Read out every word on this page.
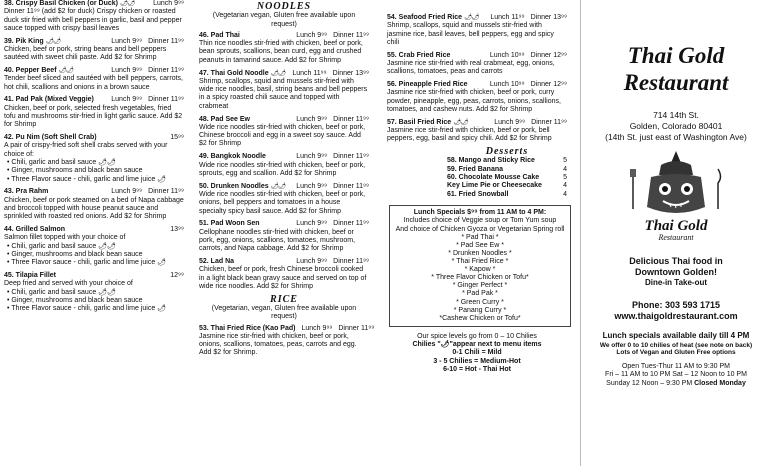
38. Crispy Basil Chicken (or Duck) 🌶🌶	Lunch 9⁹⁹
Dinner 11⁹⁹ (add $2 for duck) Crispy chicken or roasted duck stir fried with bell peppers in garlic, basil and pepper sauce topped with crispy basil leaves
39. Pik King 🌶🌶	Lunch 9⁹⁹ Dinner 11⁹⁹
Chicken, beef or pork, string beans and bell peppers sautéed with sweet chili paste. Add $2 for Shrimp
40. Pepper Beef 🌶🌶	Lunch 9⁹⁹ Dinner 11⁹⁹
Tender beef sliced and sautéed with bell peppers, carrots, hot chili, scallions and onions in a brown sauce
41. Pad Pak (Mixed Veggie)	Lunch 9⁹⁹ Dinner 11⁹⁹
Chicken, beef or pork, selected fresh vegetables, fried tofu and mushrooms stir-fried in light garlic sauce. Add $2 for Shrimp
42. Pu Nim (Soft Shell Crab)	15⁹⁹
A pair of crispy-fried soft shell crabs served with your choice of:
• Chili, garlic and basil sauce 🌶🌶
• Ginger, mushrooms and black bean sauce
• Three Flavor sauce - chili, garlic and lime juice 🌶
43. Pra Rahm	Lunch 9⁹⁹ Dinner 11⁹⁹
Chicken, beef or pork steamed on a bed of Napa cabbage and broccoli topped with house peanut sauce and sprinkled with roasted red onions. Add $2 for Shrimp
44. Grilled Salmon	13⁹⁹
Salmon fillet topped with your choice of
• Chili, garlic and basil sauce 🌶🌶
• Ginger, mushrooms and black bean sauce
• Three Flavor sauce - chili, garlic and lime juice 🌶
45. Tilapia Fillet	12⁹⁹
Deep fried and served with your choice of
• Chili, garlic and basil sauce 🌶🌶
• Ginger, mushrooms and black bean sauce
• Three Flavor sauce - chili, garlic and lime juice 🌶
NOODLES
(Vegetarian vegan, Gluten free available upon request)
46. Pad Thai	Lunch 9⁹⁹ Dinner 11⁹⁹
Thin rice noodles stir-fried with chicken, beef or pork, bean sprouts, scallions, bean curd, egg and crushed peanuts in tamarind sauce. Add $2 for Shrimp
47. Thai Gold Noodle 🌶🌶	Lunch 11⁹⁹ Dinner 13⁹⁹
Shrimp, scallops, squid and mussels stir-fried with wide rice noodles, basil, string beans and bell peppers in a spicy roasted chili sauce and topped with crabmeat
48. Pad See Ew	Lunch 9⁹⁹ Dinner 11⁹⁹
Wide rice noodles stir-fried with chicken, beef or pork, Chinese broccoli and egg in a sweet soy sauce. Add $2 for Shrimp
49. Bangkok Noodle	Lunch 9⁹⁹ Dinner 11⁹⁹
Wide rice noodles stir-fried with chicken, beef or pork, sprouts, egg and scallion. Add $2 for Shrimp
50. Drunken Noodles 🌶🌶	Lunch 9⁹⁹ Dinner 11⁹⁹
Wide rice noodles stir-fried with chicken, beef or pork, onions, bell peppers and tomatoes in a house specialty spicy basil sauce. Add $2 for Shrimp
51. Pad Woon Sen	Lunch 9⁹⁹ Dinner 11⁹⁹
Cellophane noodles stir-fried with chicken, beef or pork, egg, onions, scallions, tomatoes, mushroom, carrots, and Napa cabbage. Add $2 for Shrimp
52. Lad Na	Lunch 9⁹⁹ Dinner 11⁹⁹
Chicken, beef or pork, fresh Chinese broccoli cooked in a light black bean gravy sauce and served on top of wide rice noodles. Add $2 for Shrimp
RICE
(Vegetarian, vegan, Gluten free available upon request)
53. Thai Fried Rice (Kao Pad) Lunch 9⁹⁹ Dinner 11⁹⁹
Jasmine rice stir-fried with chicken, beef or pork, onions, scallions, tomatoes, peas, carrots and egg. Add $2 for Shrimp.
54. Seafood Fried Rice 🌶🌶	Lunch 11⁹⁹ Dinner 13⁹⁹
Shrimp, scallops, squid and mussels stir-fried with jasmine rice, basil leaves, bell peppers, egg and spicy chili
55. Crab Fried Rice	Lunch 10⁹⁹ Dinner 12⁹⁹
Jasmine rice stir-fried with real crabmeat, egg, onions, scallions, tomatoes, peas and carrots
56. Pineapple Fried Rice	Lunch 10⁹⁹ Dinner 12⁹⁹
Jasmine rice stir-fried with chicken, beef or pork, curry powder, pineapple, egg, peas, carrots, onions, scallions, tomatoes, and cashew nuts. Add $2 for Shrimp
57. Basil Fried Rice 🌶🌶	Lunch 9⁹⁹ Dinner 11⁹⁹
Jasmine rice stir-fried with chicken, beef or pork, bell peppers, egg, basil and spicy chili. Add $2 for Shrimp
Desserts
58. Mango and Sticky Rice	5
59. Fried Banana	4
60. Chocolate Mousse Cake	5
Key Lime Pie or Cheesecake	4
61. Fried Snowball	4
Lunch Specials $⁹⁹ from 11 AM to 4 PM:
Includes choice of Veggie soup or Tom Yum soup
And choice of Chicken Gyoza or Vegetarian Spring roll
* Pad Thai *
* Pad See Ew *
* Drunken Noodles *
* Thai Fried Rice *
* Kapow *
* Three Flavor Chicken or Tofu*
* Ginger Perfect *
* Pad Pak *
* Green Curry *
* Panang Curry *
*Cashew Chicken or Tofu*
Our spice levels go from 0 – 10 Chilies
Chilies "🌶"appear next to menu items
0-1 Chili = Mild
3 - 5 Chilies = Medium-Hot
6-10 = Hot - Thai Hot
Thai Gold
Restaurant
714 14th St.
Golden, Colorado 80401
(14th St. just east of Washington Ave)
Thai Gold
Restaurant
Delicious Thai food in
Downtown Golden!
Dine-in Take-out
Phone: 303 593 1715
www.thaigoldrestaurant.com
Lunch specials available daily till 4 PM
We offer 0 to 10 chilies of heat (see note on back)
Lots of Vegan and Gluten Free options
Open Tues-Thur 11 AM to 9:30 PM
Fri – 11 AM to 10 PM Sat – 12 Noon to 10 PM
Sunday 12 Noon – 9:30 PM Closed Monday
